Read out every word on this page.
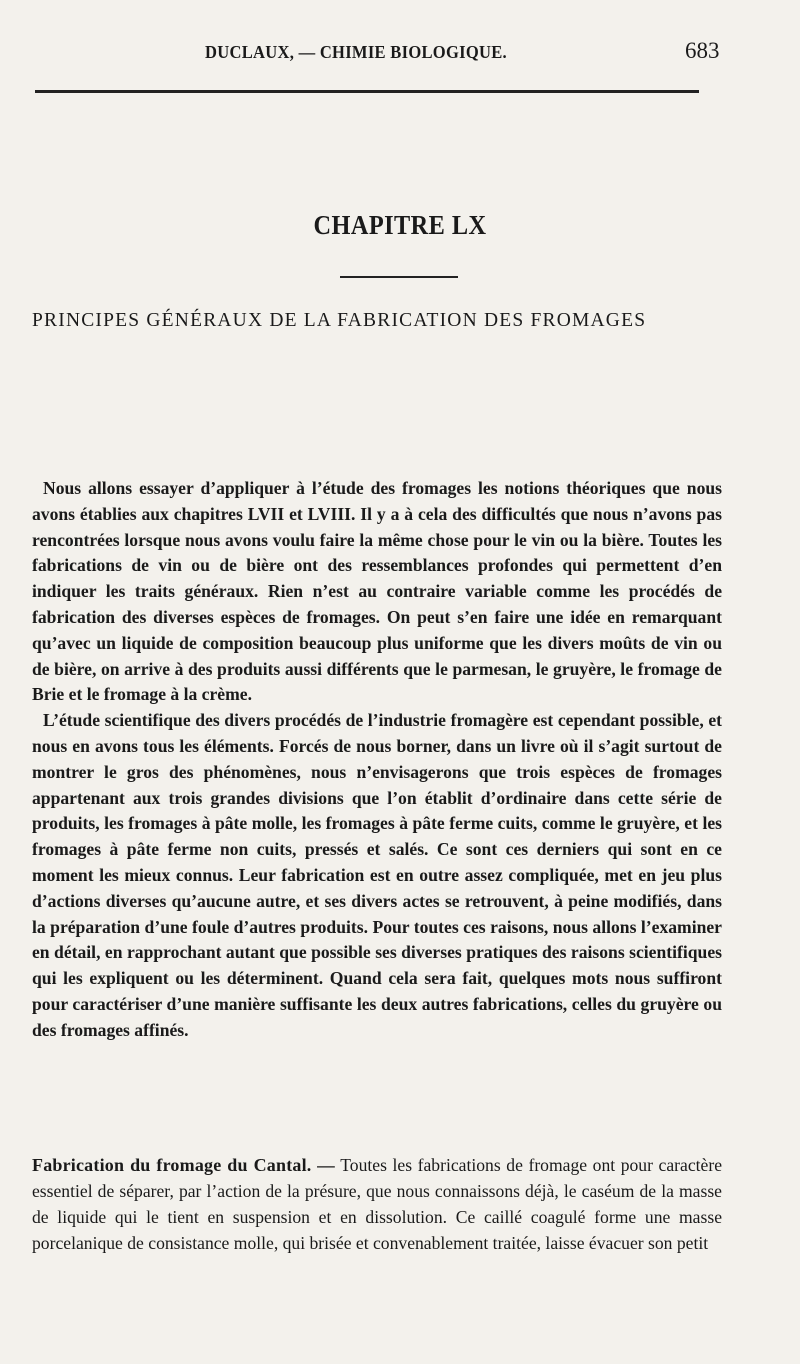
DUCLAUX, — CHIMIE BIOLOGIQUE.	683
CHAPITRE LX
PRINCIPES GÉNÉRAUX DE LA FABRICATION DES FROMAGES

Nous allons essayer d’appliquer à l’étude des fromages les notions théoriques que nous avons établies aux chapitres LVII et LVIII. Il y a à cela des difficultés que nous n’avons pas rencontrées lorsque nous avons voulu faire la même chose pour le vin ou la bière. Toutes les fabrications de vin ou de bière ont des ressemblances profondes qui permettent d’en indiquer les traits généraux. Rien n’est au contraire variable comme les procédés de fabrication des diverses espèces de fromages. On peut s’en faire une idée en remarquant qu’avec un liquide de composition beaucoup plus uniforme que les divers moûts de vin ou de bière, on arrive à des produits aussi différents que le parmesan, le gruyère, le fromage de Brie et le fromage à la crème.

L’étude scientifique des divers procédés de l’industrie fromagère est cependant possible, et nous en avons tous les éléments. Forcés de nous borner, dans un livre où il s’agit surtout de montrer le gros des phénomènes, nous n’envisagerons que trois espèces de fromages appartenant aux trois grandes divisions que l’on établit d’ordinaire dans cette série de produits, les fromages à pâte molle, les fromages à pâte ferme cuits, comme le gruyère, et les fromages à pâte ferme non cuits, pressés et salés. Ce sont ces derniers qui sont en ce moment les mieux connus. Leur fabrication est en outre assez compliquée, met en jeu plus d’actions diverses qu’aucune autre, et ses divers actes se retrouvent, à peine modifiés, dans la préparation d’une foule d’autres produits. Pour toutes ces raisons, nous allons l’examiner en détail, en rapprochant autant que possible ses diverses pratiques des raisons scientifiques qui les expliquent ou les déterminent. Quand cela sera fait, quelques mots nous suffiront pour caractériser d’une manière suffisante les deux autres fabrications, celles du gruyère ou des fromages affinés.

Fabrication du fromage du Cantal. — Toutes les fabrications de fromage ont pour caractère essentiel de séparer, par l’action de la présure, que nous connaissons déjà, le caséum de la masse de liquide qui le tient en suspension et en dissolution. Ce caillé coagulé forme une masse porcelanique de consistance molle, qui brisée et convenablement traitée, laisse évacuer son petit
